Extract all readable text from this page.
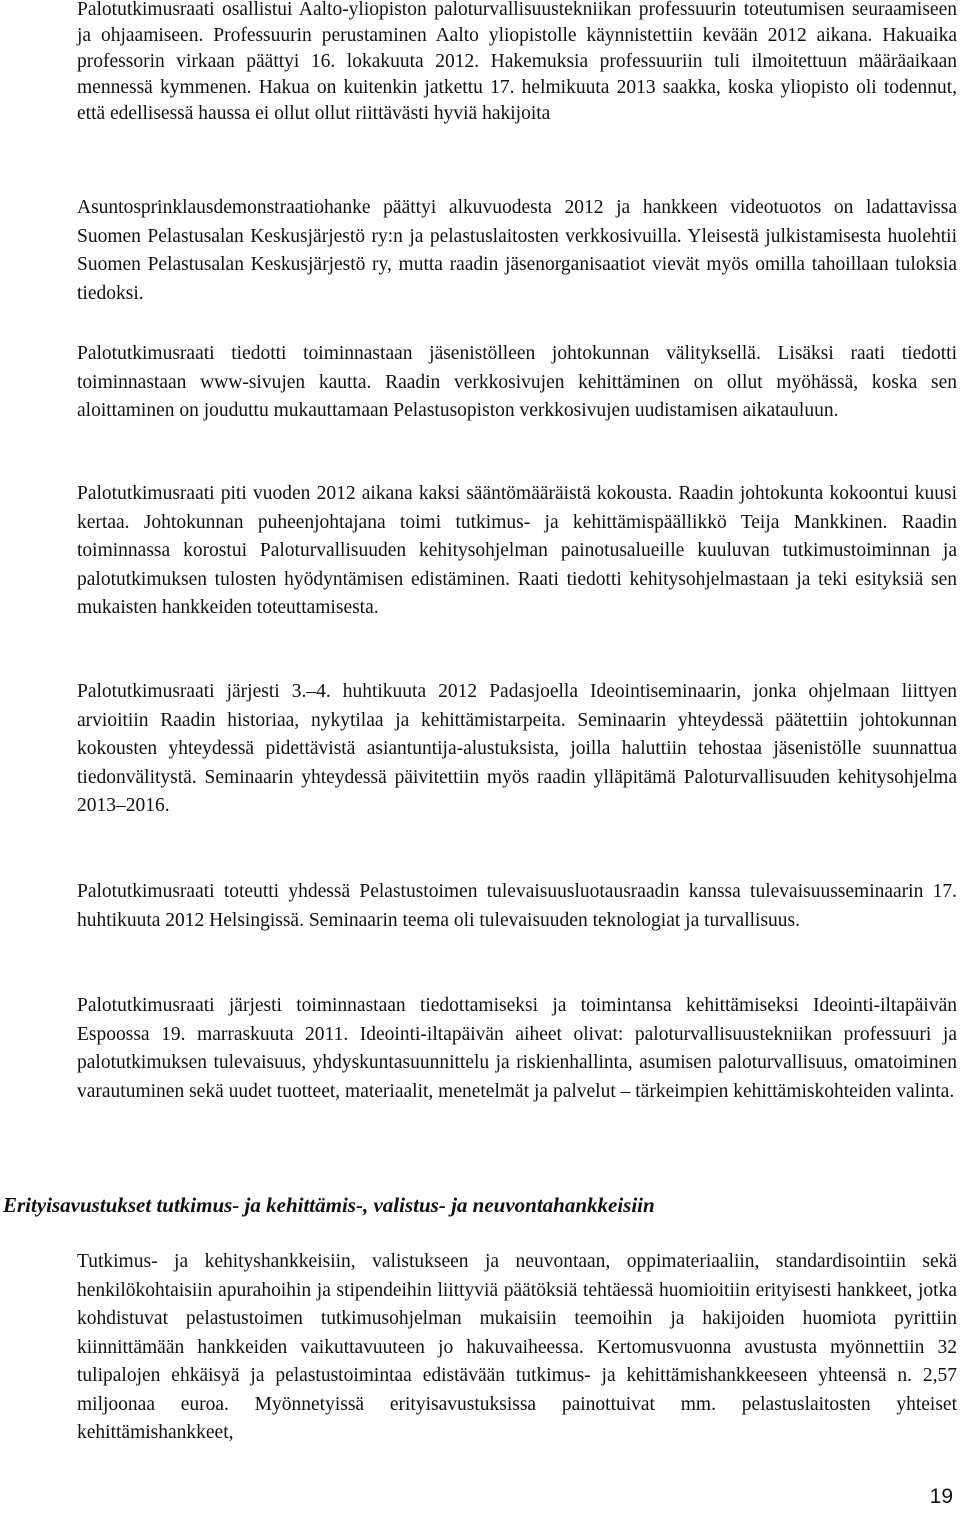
Palotutkimusraati osallistui Aalto-yliopiston paloturvallisuustekniikan professuurin toteutumisen seuraamiseen ja ohjaamiseen. Professuurin perustaminen Aalto yliopistolle käynnistettiin kevään 2012 aikana. Hakuaika professorin virkaan päättyi 16. lokakuuta 2012. Hakemuksia professuuriin tuli ilmoitettuun määräaikaan mennessä kymmenen. Hakua on kuitenkin jatkettu 17. helmikuuta 2013 saakka, koska yliopisto oli todennut, että edellisessä haussa ei ollut ollut riittävästi hyviä hakijoita

Asuntosprinklausdemonstraatiohanke päättyi alkuvuodesta 2012 ja hankkeen videotuotos on ladattavissa Suomen Pelastusalan Keskusjärjestö ry:n ja pelastuslaitosten verkkosivuilla. Yleisestä julkistamisesta huolehtii Suomen Pelastusalan Keskusjärjestö ry, mutta raadin jäsenorganisaatiot vievät myös omilla tahoillaan tuloksia tiedoksi.

Palotutkimusraati tiedotti toiminnastaan jäsenistölleen johtokunnan välityksellä. Lisäksi raati tiedotti toiminnastaan www-sivujen kautta. Raadin verkkosivujen kehittäminen on ollut myöhässä, koska sen aloittaminen on jouduttu mukauttamaan Pelastusopiston verkkosivujen uudistamisen aikatauluun.

Palotutkimusraati piti vuoden 2012 aikana kaksi sääntömääräistä kokousta. Raadin johtokunta kokoontui kuusi kertaa. Johtokunnan puheenjohtajana toimi tutkimus- ja kehittämispäällikkö Teija Mankkinen. Raadin toiminnassa korostui Paloturvallisuuden kehitysohjelman painotusalueille kuuluvan tutkimustoiminnan ja palotutkimuksen tulosten hyödyntämisen edistäminen. Raati tiedotti kehitysohjelmastaan ja teki esityksiä sen mukaisten hankkeiden toteuttamisesta.

Palotutkimusraati järjesti 3.–4. huhtikuuta 2012 Padasjoella Ideointiseminaarin, jonka ohjelmaan liittyen arvioitiin Raadin historiaa, nykytilaa ja kehittämistarpeita. Seminaarin yhteydessä päätettiin johtokunnan kokousten yhteydessä pidettävistä asiantuntija-alustuksista, joilla haluttiin tehostaa jäsenistölle suunnattua tiedonvälitystä. Seminaarin yhteydessä päivitettiin myös raadin ylläpitämä Paloturvallisuuden kehitysohjelma 2013–2016.

Palotutkimusraati toteutti yhdessä Pelastustoimen tulevaisuusluotausraadin kanssa tulevaisuusseminaarin 17. huhtikuuta 2012 Helsingissä. Seminaarin teema oli tulevaisuuden teknologiat ja turvallisuus.

Palotutkimusraati järjesti toiminnastaan tiedottamiseksi ja toimintansa kehittämiseksi Ideointi-iltapäivän Espoossa 19. marraskuuta 2011. Ideointi-iltapäivän aiheet olivat: paloturvallisuustekniikan professuuri ja palotutkimuksen tulevaisuus, yhdyskuntasuunnittelu ja riskienhallinta, asumisen paloturvallisuus, omatoiminen varautuminen sekä uudet tuotteet, materiaalit, menetelmät ja palvelut – tärkeimpien kehittämiskohteiden valinta.

Erityisavustukset tutkimus- ja kehittämis-, valistus- ja neuvontahankkeisiin

Tutkimus- ja kehityshankkeisiin, valistukseen ja neuvontaan, oppimateriaaliin, standardisointiin sekä henkilökohtaisiin apurahoihin ja stipendeihin liittyviä päätöksiä tehtäessä huomioitiin erityisesti hankkeet, jotka kohdistuvat pelastustoimen tutkimusohjelman mukaisiin teemoihin ja hakijoiden huomiota pyrittiin kiinnittämään hankkeiden vaikuttavuuteen jo hakuvaiheessa. Kertomusvuonna avustusta myönnettiin 32 tulipalojen ehkäisyä ja pelastustoimintaa edistävään tutkimus- ja kehittämishankkeeseen yhteensä n. 2,57 miljoonaa euroa. Myönnetyissä erityisavustuksissa painottuivat mm. pelastuslaitosten yhteiset kehittämishankkeet,

19
